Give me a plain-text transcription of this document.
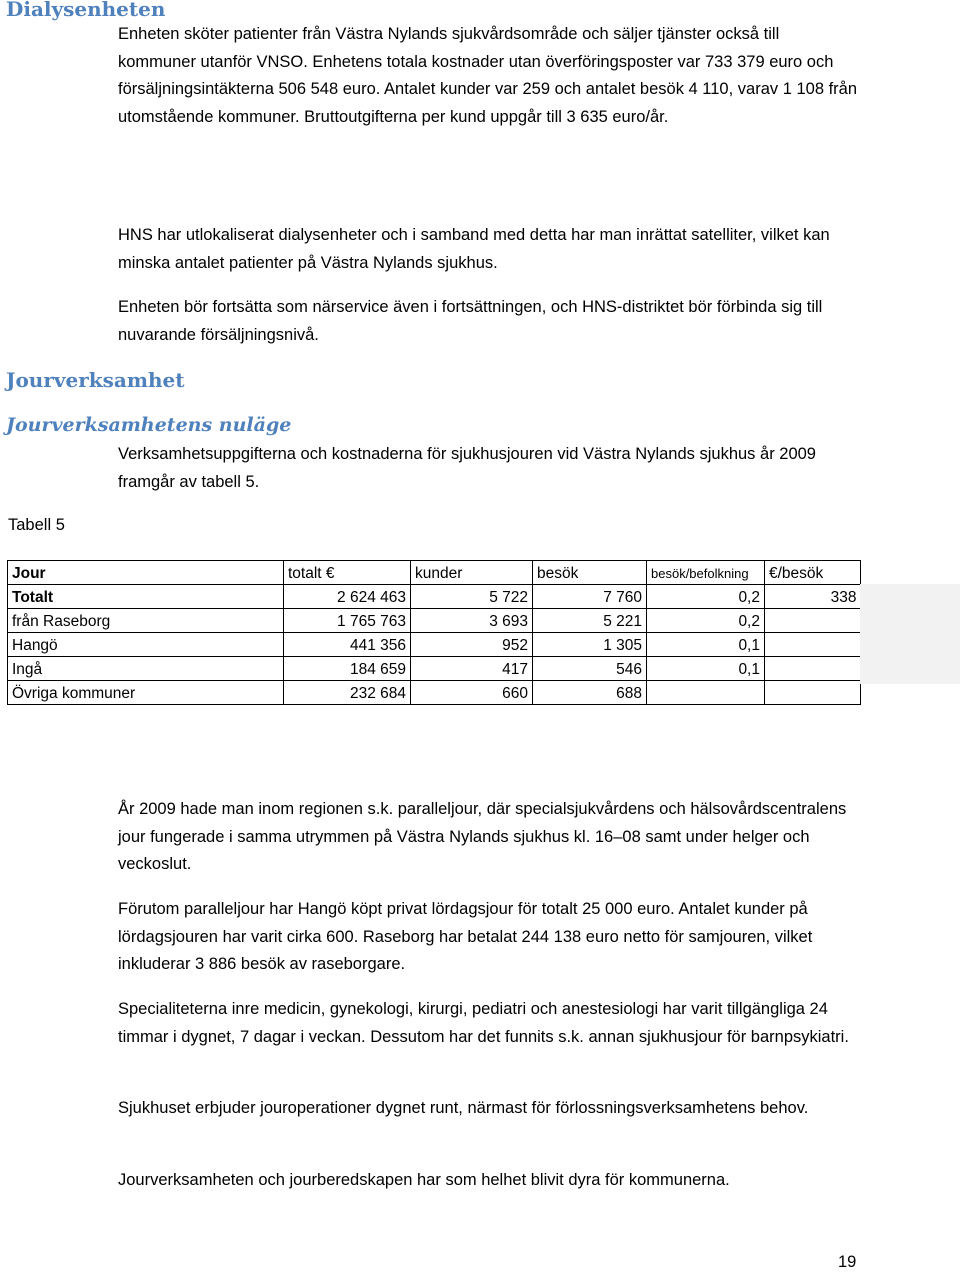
Dialysenheten

Enheten sköter patienter från Västra Nylands sjukvårdsområde och säljer tjänster också till kommuner utanför VNSO. Enhetens totala kostnader utan överföringsposter var 733 379 euro och försäljningsintäkterna 506 548 euro. Antalet kunder var 259 och antalet besök 4 110, varav 1 108 från utomstående kommuner. Bruttoutgifterna per kund uppgår till 3 635 euro/år.

HNS har utlokaliserat dialysenheter och i samband med detta har man inrättat satelliter, vilket kan minska antalet patienter på Västra Nylands sjukhus.

Enheten bör fortsätta som närservice även i fortsättningen, och HNS-distriktet bör förbinda sig till nuvarande försäljningsnivå.

Jourverksamhet
Jourverksamhetens nuläge

Verksamhetsuppgifterna och kostnaderna för sjukhusjouren vid Västra Nylands sjukhus år 2009 framgår av tabell 5.

Tabell 5

Jour	totalt €	kunder	besök	besök/befolkning	€/besök
Totalt	2 624 463	5 722	7 760	0,2	338
från Raseborg	1 765 763	3 693	5 221	0,2	
Hangö	441 356	952	1 305	0,1	
Ingå	184 659	417	546	0,1	
Övriga kommuner	232 684	660	688		

År 2009 hade man inom regionen s.k. paralleljour, där specialsjukvårdens och hälsovårdscentralens jour fungerade i samma utrymmen på Västra Nylands sjukhus kl. 16–08 samt under helger och veckoslut.

Förutom paralleljour har Hangö köpt privat lördagsjour för totalt 25 000 euro. Antalet kunder på lördagsjouren har varit cirka 600. Raseborg har betalat 244 138 euro netto för samjouren, vilket inkluderar 3 886 besök av raseborgare.

Specialiteterna inre medicin, gynekologi, kirurgi, pediatri och anestesiologi har varit tillgängliga 24 timmar i dygnet, 7 dagar i veckan. Dessutom har det funnits s.k. annan sjukhusjour för barnpsykiatri.

Sjukhuset erbjuder jouroperationer dygnet runt, närmast för förlossningsverksamhetens behov.

Jourverksamheten och jourberedskapen har som helhet blivit dyra för kommunerna.

19
